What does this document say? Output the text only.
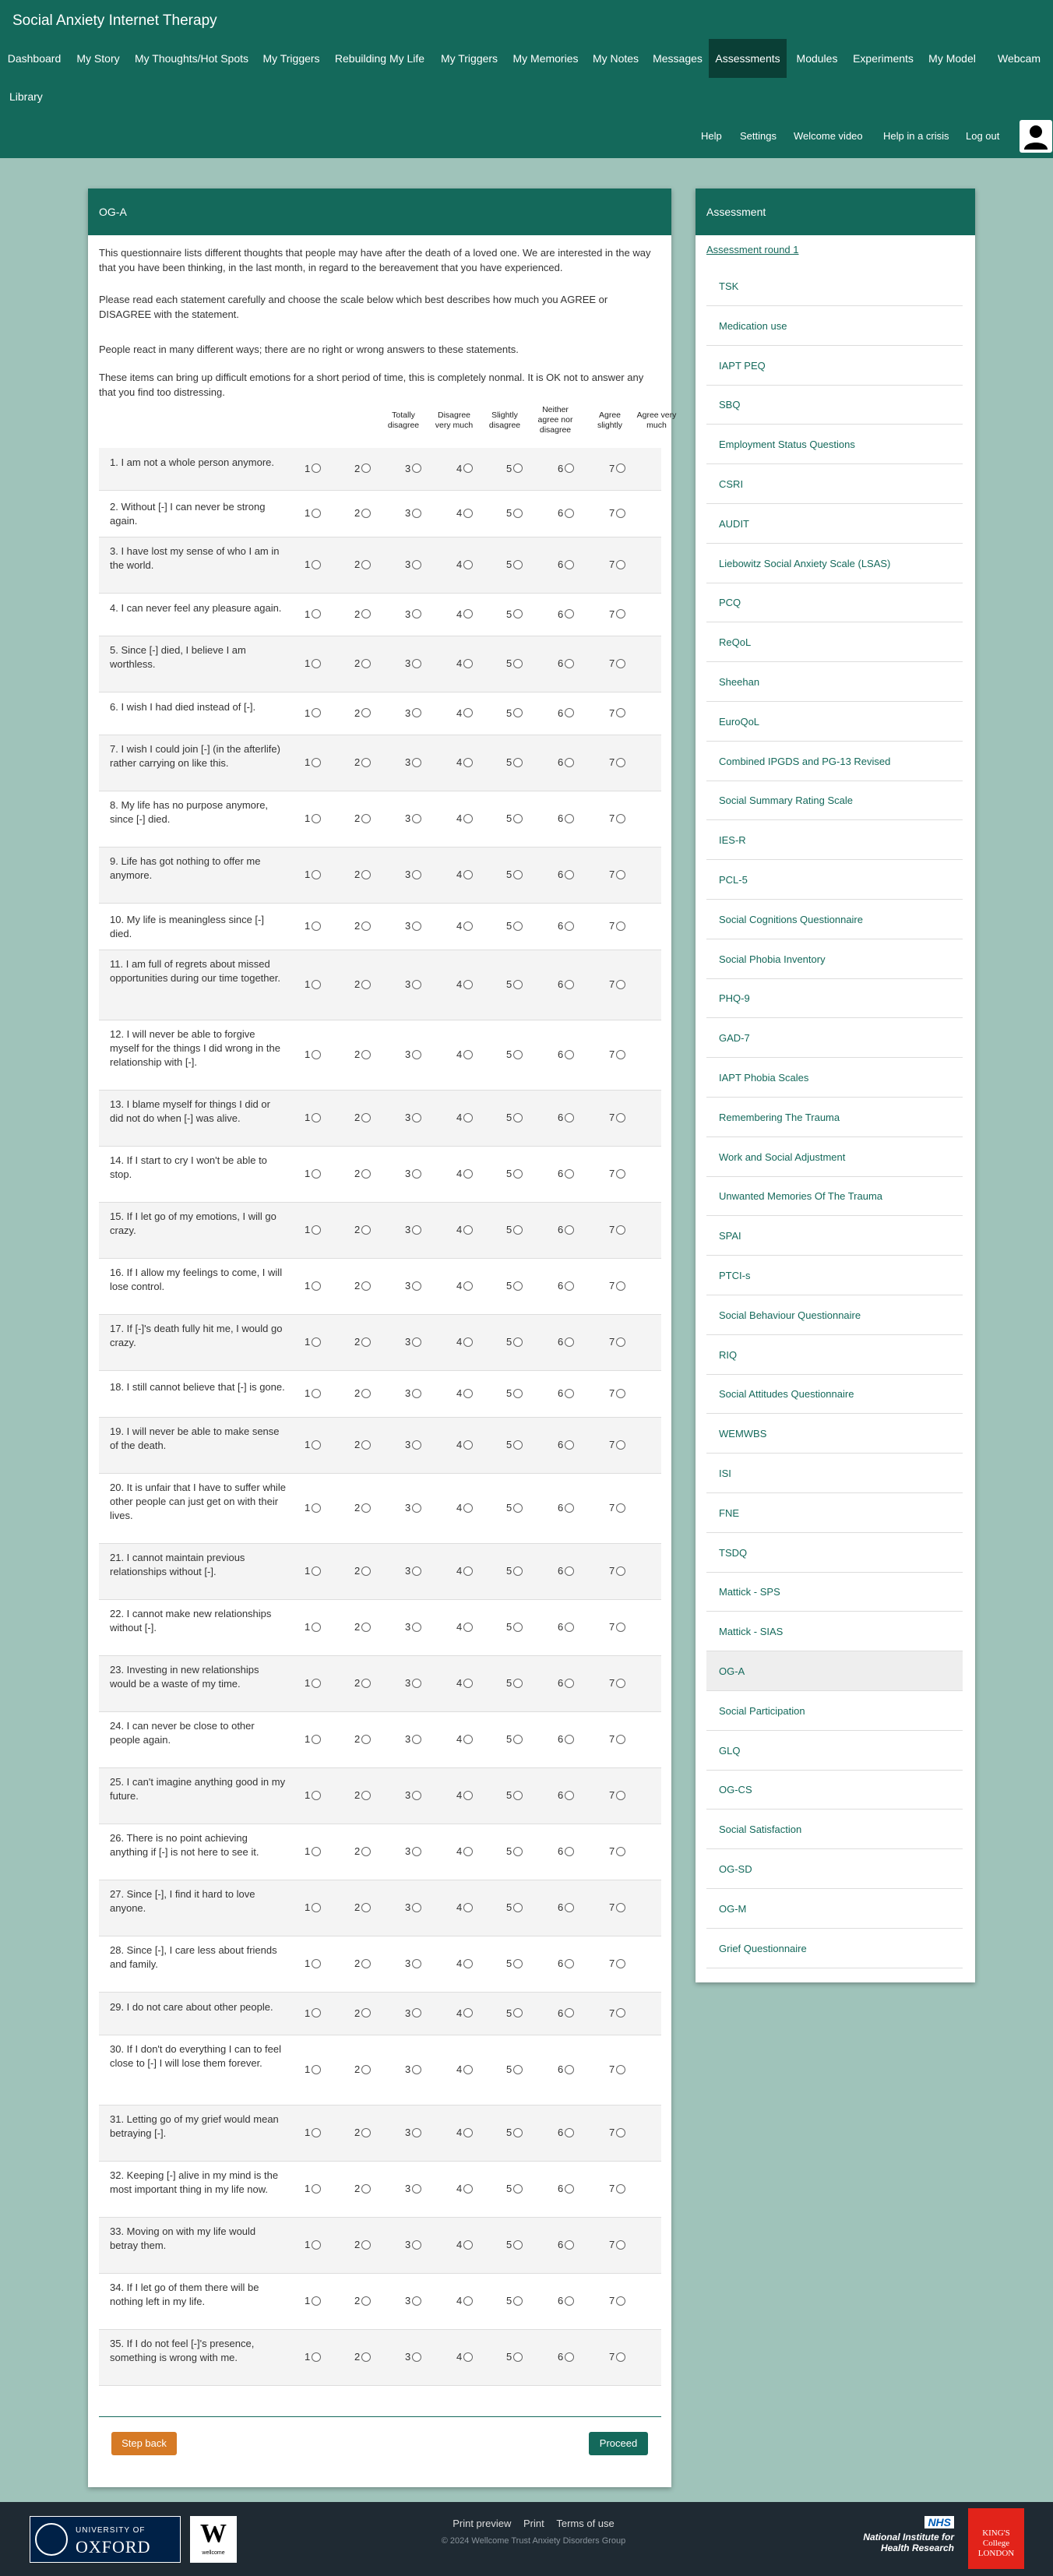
Social Anxiety Internet Therapy
Dashboard	My Story	My Thoughts/Hot Spots	My Triggers	Rebuilding My Life	My Triggers	My Memories	My Notes	Messages	Assessments	Modules	Experiments	My Model	Webcam
Library
Help Settings Welcome video Help in a crisis Log out
OG-A

This questionnaire lists different thoughts that people may have after the death of a loved one. We are interested in the way that you have been thinking, in the last month, in regard to the bereavement that you have experienced.

Please read each statement carefully and choose the scale below which best describes how much you AGREE or DISAGREE with the statement.

People react in many different ways; there are no right or wrong answers to these statements.

These items can bring up difficult emotions for a short period of time, this is completely nonmal. It is OK not to answer any that you find too distressing.

Totally disagree
Disagree very much
Slightly disagree
Neither agree nor disagree
Agree slightly
Agree very much
1. I am not a whole person anymore.
1	2	3	4	5	6	7
2. Without [-] I can never be strong again.
1	2	3	4	5	6	7
3. I have lost my sense of who I am in the world.	1	2	3	4	5	6	7
4. I can never feel any pleasure again.
1	2	3	4	5	6	7
5. Since [-] died, I believe I am worthless.	1	2	3	4	5	6	7
6. I wish I had died instead of [-].
1	2	3	4	5	6	7
7. I wish I could join [-] (in the afterlife) rather carrying on like this.	1	2	3	4	5	6	7
8. My life has no purpose anymore, since [-] died.	1	2	3	4	5	6	7
9. Life has got nothing to offer me anymore.	1	2	3	4	5	6	7
10. My life is meaningless since [-] died.
1	2	3	4	5	6	7
11. I am full of regrets about missed opportunities during our time together.
1	2	3	4	5	6	7
12. I will never be able to forgive myself for the things I did wrong in the relationship with [-].
1	2	3	4	5	6	7
13. I blame myself for things I did or did not do when [-] was alive.	1	2	3	4	5	6	7
14. If I start to cry I won't be able to stop.	1	2	3	4	5	6	7
15. If I let go of my emotions, I will go crazy.	1	2	3	4	5	6	7
16. If I allow my feelings to come, I will lose control.	1	2	3	4	5	6	7
17. If [-]'s death fully hit me, I would go crazy.	1	2	3	4	5	6	7
18. I still cannot believe that [-] is gone.
1	2	3	4	5	6	7
19. I will never be able to make sense of the death.	1	2	3	4	5	6	7
20. It is unfair that I have to suffer while other people can just get on with their lives.
1	2	3	4	5	6	7
21. I cannot maintain previous relationships without [-].	1	2	3	4	5	6	7
22. I cannot make new relationships without [-].	1	2	3	4	5	6	7
23. Investing in new relationships would be a waste of my time.	1	2	3	4	5	6	7
24. I can never be close to other people again.	1	2	3	4	5	6	7
25. I can't imagine anything good in my future.	1	2	3	4	5	6	7
26. There is no point achieving anything if [-] is not here to see it.	1	2	3	4	5	6	7
27. Since [-], I find it hard to love anyone.	1	2	3	4	5	6	7
28. Since [-], I care less about friends and family.	1	2	3	4	5	6	7
29. I do not care about other people.
1	2	3	4	5	6	7
30. If I don't do everything I can to feel close to [-] I will lose them forever.
1	2	3	4	5	6	7
31. Letting go of my grief would mean betraying [-].	1	2	3	4	5	6	7
32. Keeping [-] alive in my mind is the most important thing in my life now.	1	2	3	4	5	6	7
33. Moving on with my life would betray them.	1	2	3	4	5	6	7
34. If I let go of them there will be nothing left in my life.	1	2	3	4	5	6	7
35. If I do not feel [-]'s presence, something is wrong with me.	1	2	3	4	5	6	7
Step back	Proceed
Assessment
Assessment round 1
TSK
Medication use
IAPT PEQ
SBQ
Employment Status Questions
CSRI
AUDIT
Liebowitz Social Anxiety Scale (LSAS)
PCQ
ReQoL
Sheehan
EuroQoL
Combined IPGDS and PG-13 Revised
Social Summary Rating Scale
IES-R
PCL-5
Social Cognitions Questionnaire
Social Phobia Inventory
PHQ-9
GAD-7
IAPT Phobia Scales
Remembering The Trauma
Work and Social Adjustment
Unwanted Memories Of The Trauma
SPAI
PTCI-s
Social Behaviour Questionnaire
RIQ
Social Attitudes Questionnaire
WEMWBS
ISI
FNE
TSDQ
Mattick - SPS
Mattick - SIAS
OG-A
Social Participation
GLQ
OG-CS
Social Satisfaction
OG-SD
OG-M
Grief Questionnaire
UNIVERSITY OF
OXFORD	W
wellcome
Print preview Print Terms of use
© 2024 Wellcome Trust Anxiety Disorders Group
NHS
National Institute for Health Research
KING'S College LONDON
